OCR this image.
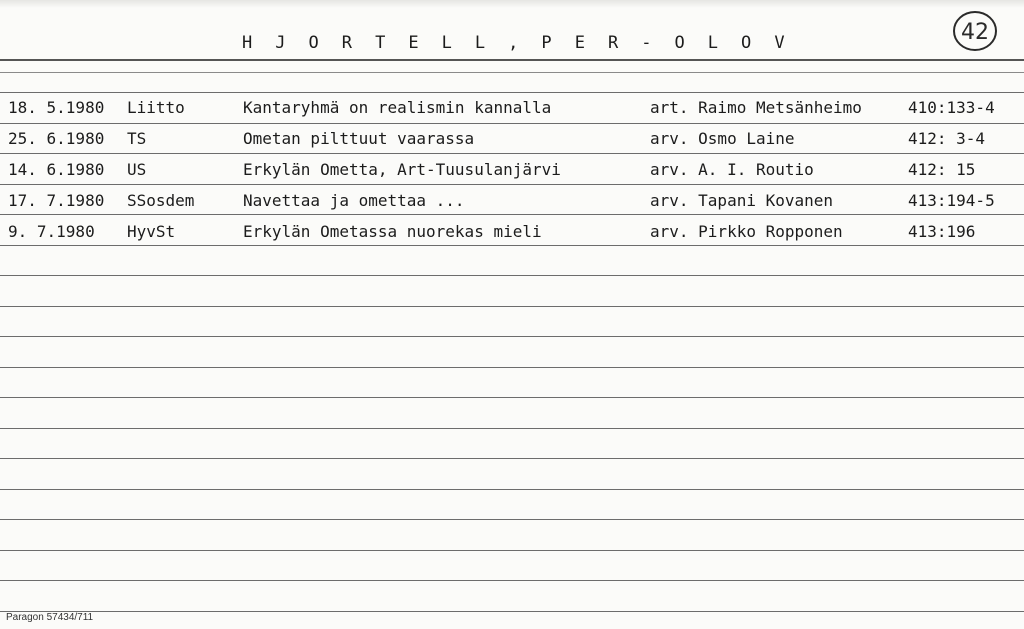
H J O R T E L L , P E R - O L O V	42
18. 5.1980 Liitto	Kantaryhmä on realismin kannalla	art. Raimo Metsänheimo	410:133-4
25. 6.1980 TS	Ometan pilttuut vaarassa	arv. Osmo Laine	412: 3-4
14. 6.1980 US	Erkylän Ometta, Art-Tuusulanjärvi	arv. A. I. Routio	412: 15
17. 7.1980 SSosdem	Navettaa ja omettaa ...	arv. Tapani Kovanen	413:194-5
9. 7.1980 HyvSt	Erkylän Ometassa nuorekas mieli	arv. Pirkko Ropponen	413:196
Paragon 57434/711
